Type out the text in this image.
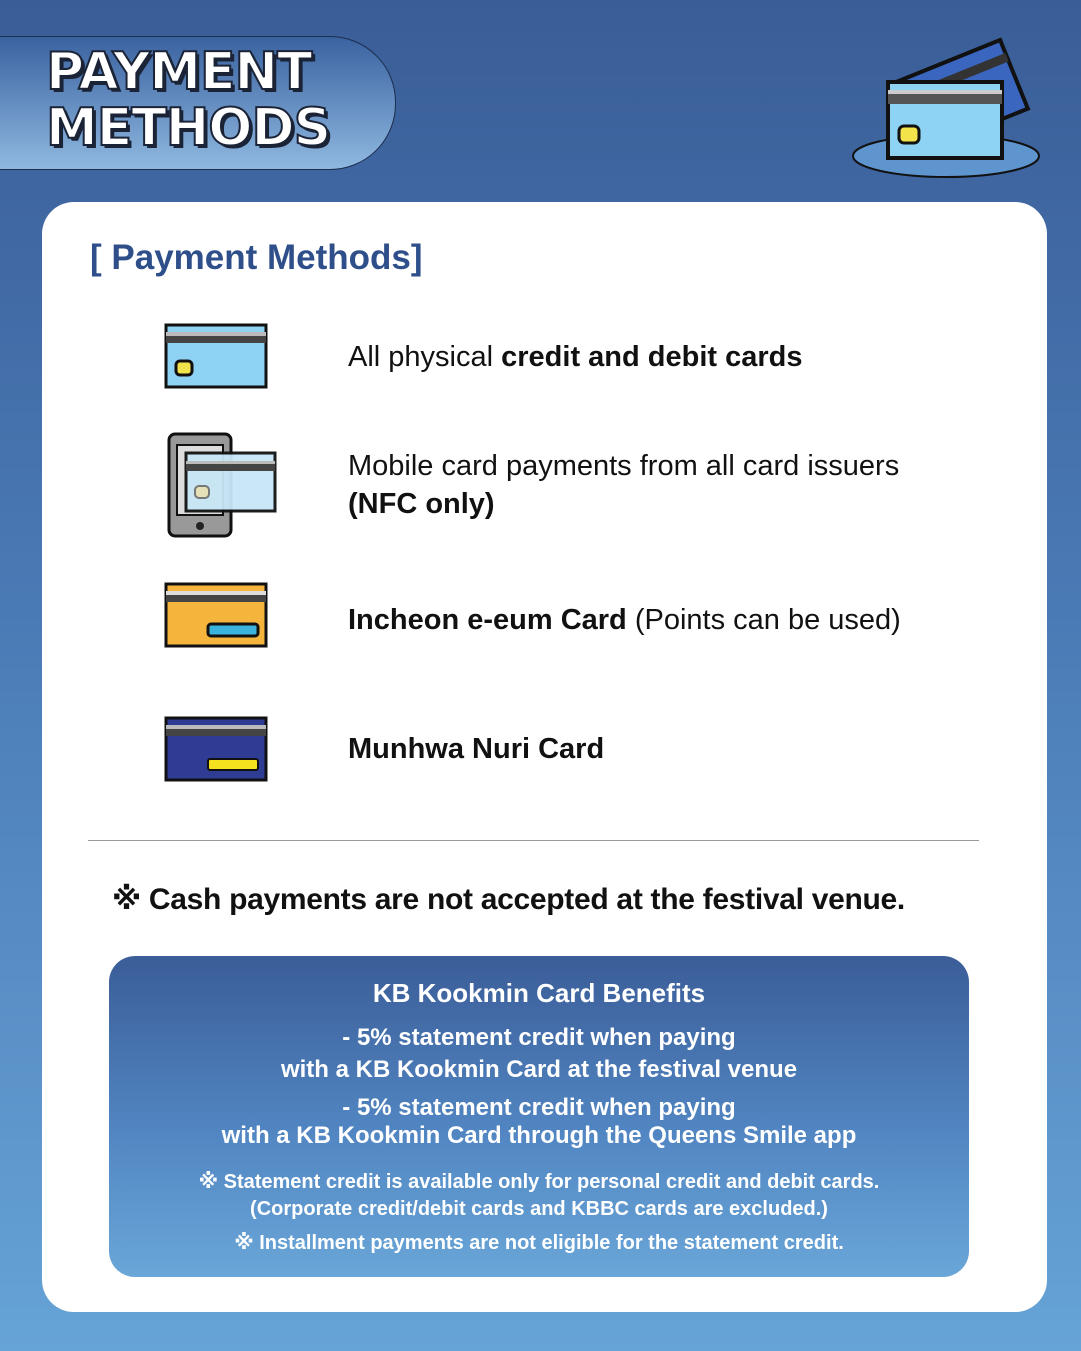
PAYMENT
METHODS
[ Payment Methods]
All physical credit and debit cards
Mobile card payments from all card issuers (NFC only)
Incheon e-eum Card (Points can be used)
Munhwa Nuri Card
※ Cash payments are not accepted at the festival venue.
KB Kookmin Card Benefits
- 5% statement credit when paying
with a KB Kookmin Card at the festival venue
- 5% statement credit when paying
with a KB Kookmin Card through the Queens Smile app
※ Statement credit is available only for personal credit and debit cards.
(Corporate credit/debit cards and KBBC cards are excluded.)
※ Installment payments are not eligible for the statement credit.
